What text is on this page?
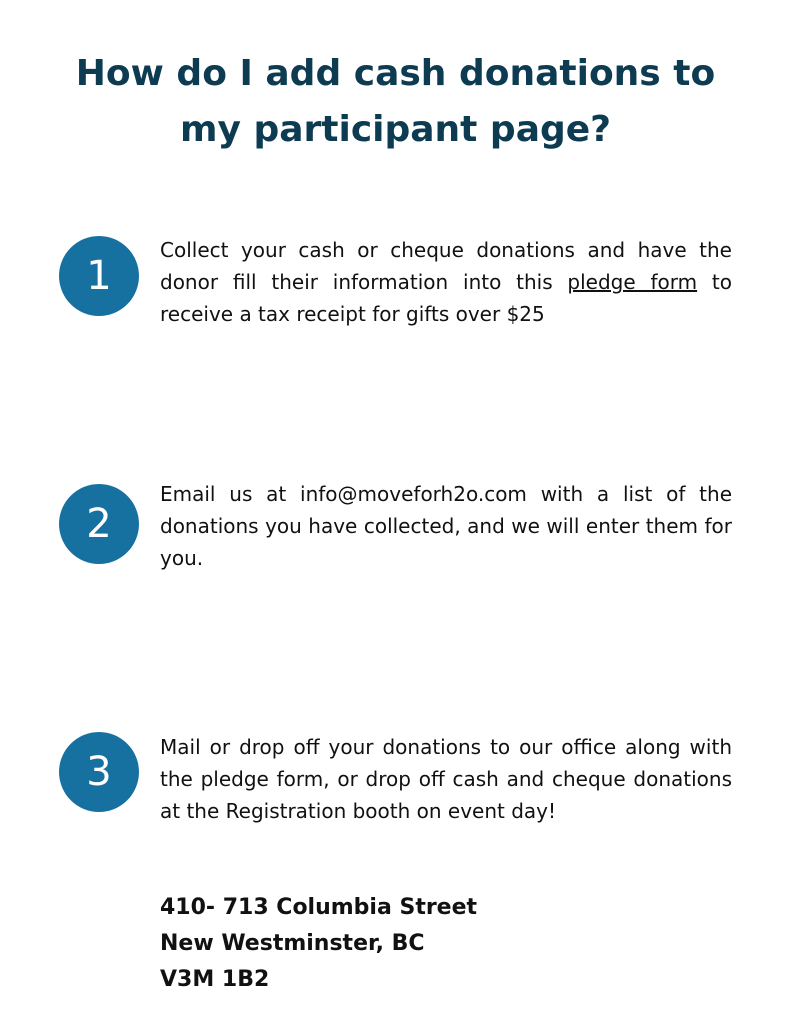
How do I add cash donations to
my participant page?
1

Collect your cash or cheque donations and have the donor fill their information into this pledge form to receive a tax receipt for gifts over $25

2

Email us at info@moveforh2o.com with a list of the donations you have collected, and we will enter them for you.

3

Mail or drop off your donations to our office along with the pledge form, or drop off cash and cheque donations at the Registration booth on event day!

410- 713 Columbia Street
New Westminster, BC
V3M 1B2
